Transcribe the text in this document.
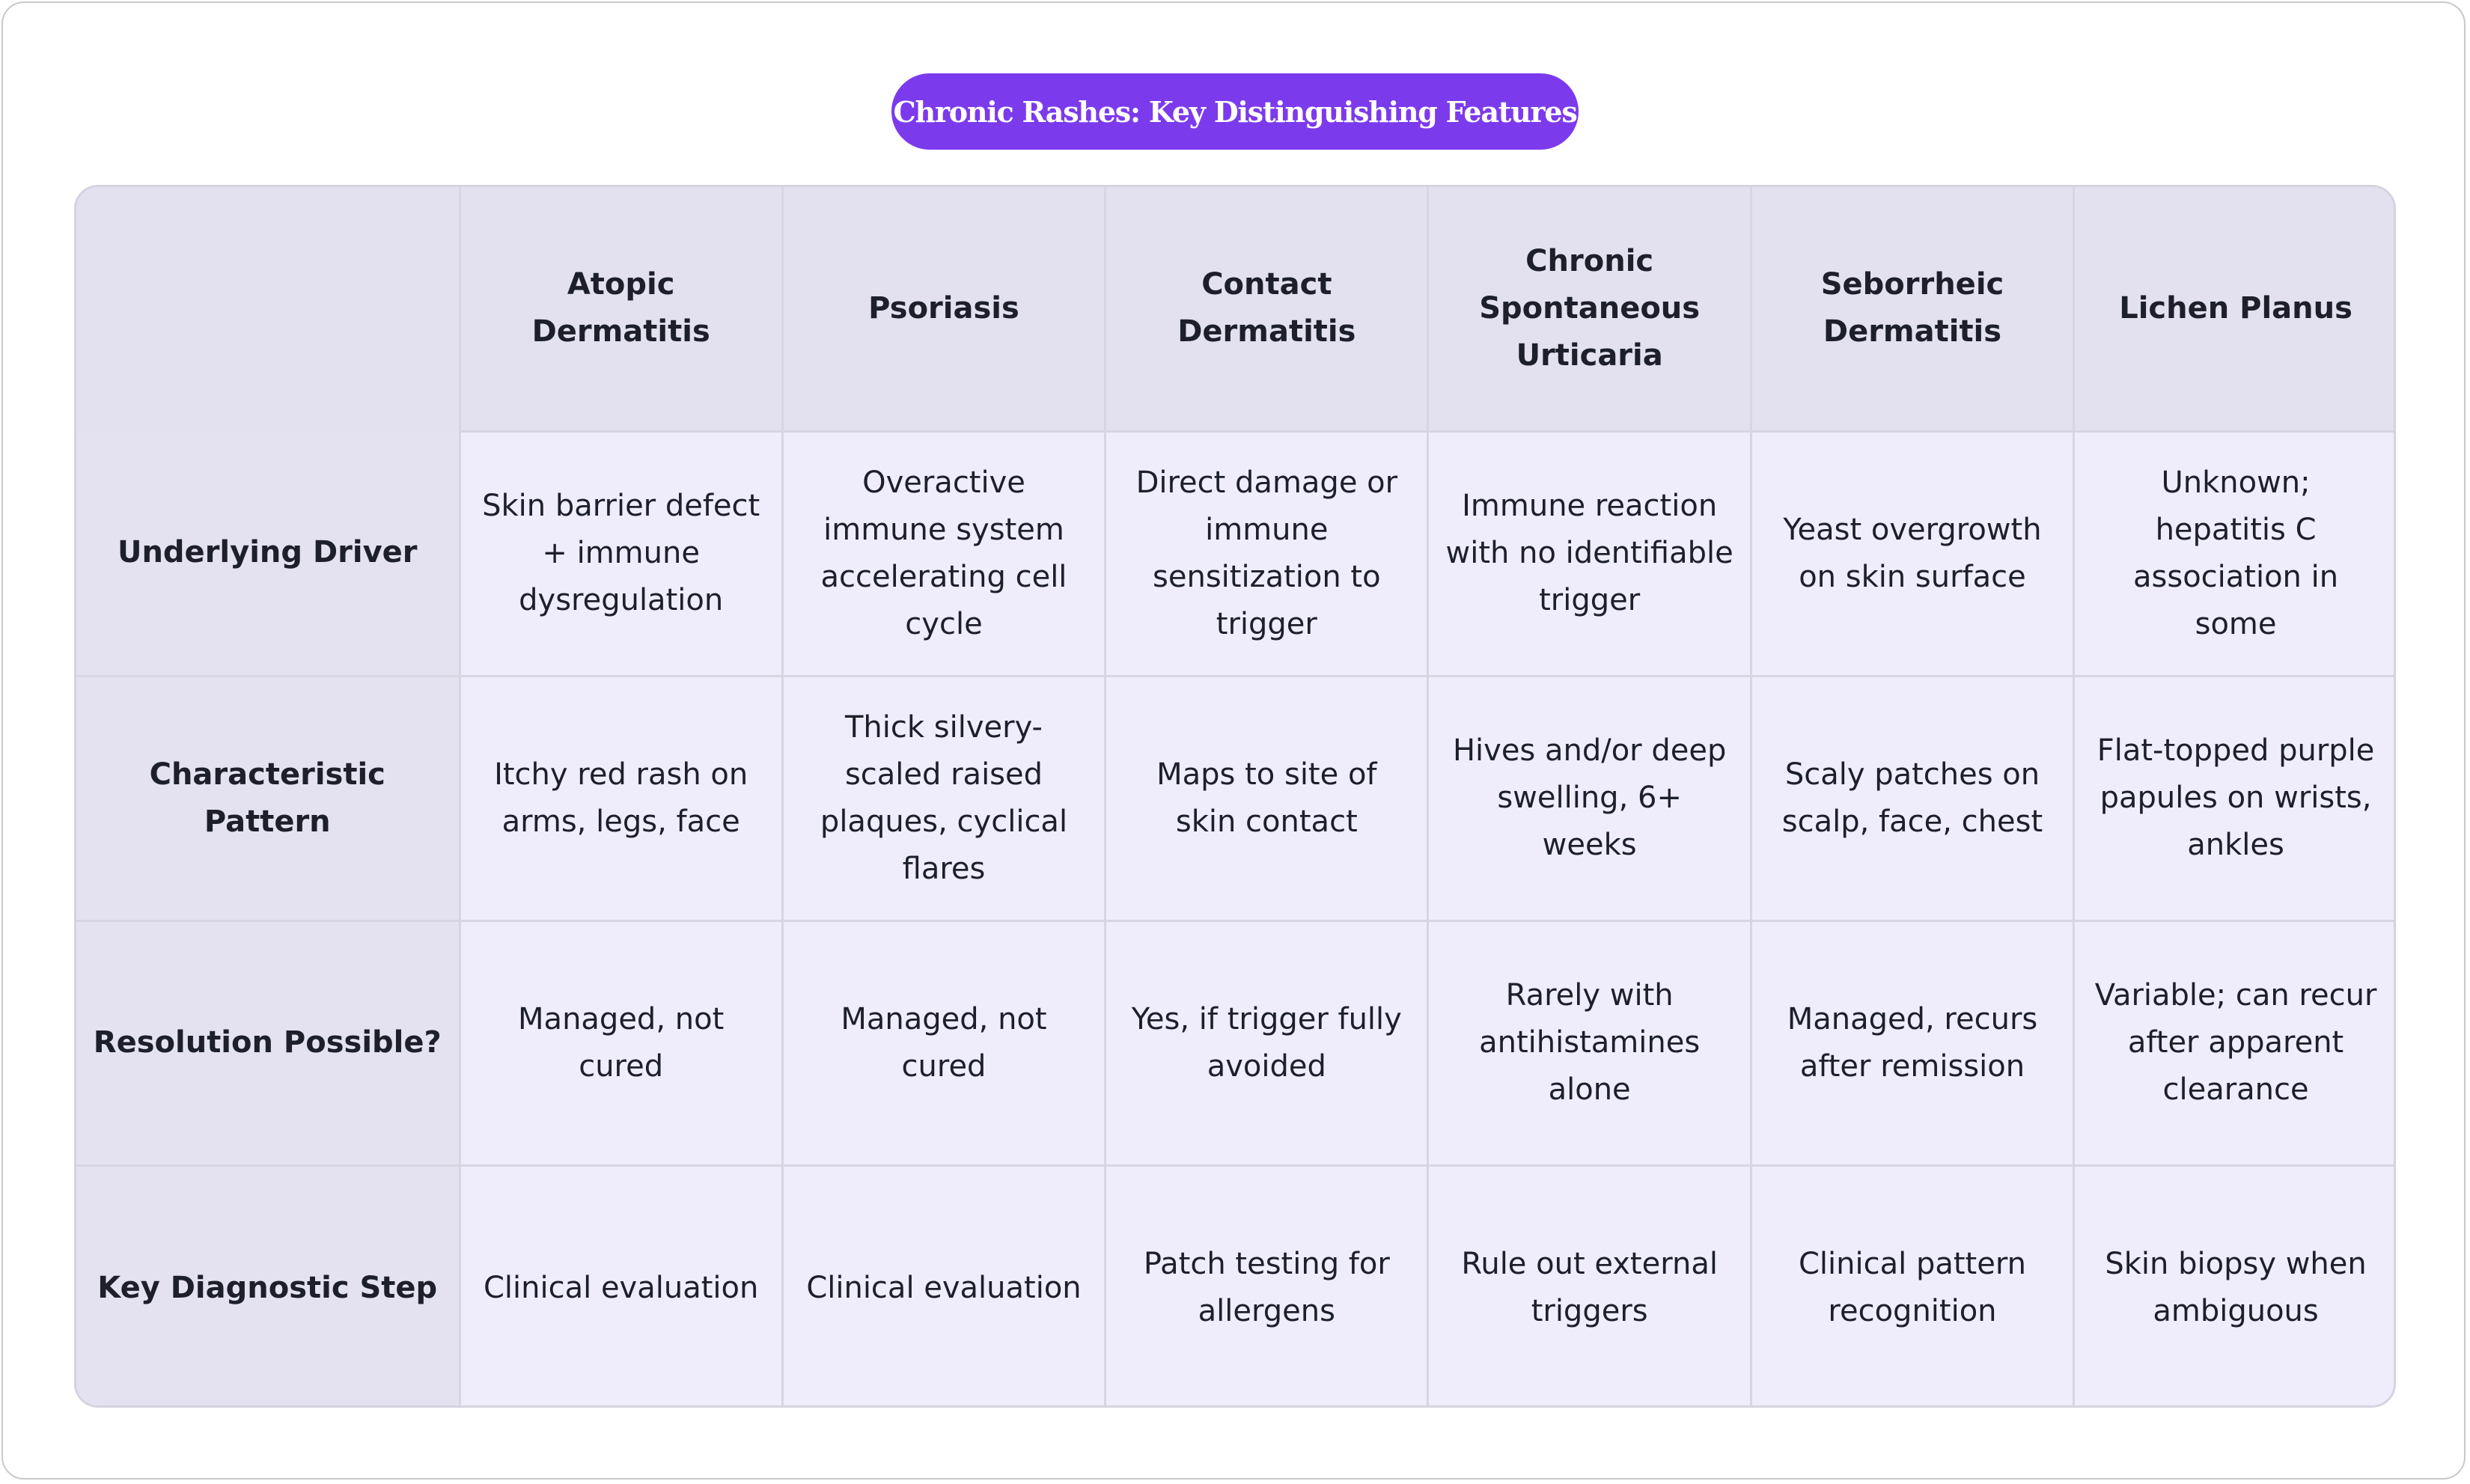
Chronic Rashes: Key Distinguishing Features
	Atopic Dermatitis	Psoriasis	Contact Dermatitis	Chronic Spontaneous Urticaria	Seborrheic Dermatitis	Lichen Planus
Underlying Driver	Skin barrier defect + immune dysregulation	Overactive immune system accelerating cell cycle	Direct damage or immune sensitization to trigger	Immune reaction with no identifiable trigger	Yeast overgrowth on skin surface	Unknown; hepatitis C association in some
Characteristic Pattern	Itchy red rash on arms, legs, face	Thick silvery-scaled raised plaques, cyclical flares	Maps to site of skin contact	Hives and/or deep swelling, 6+ weeks	Scaly patches on scalp, face, chest	Flat-topped purple papules on wrists, ankles
Resolution Possible?	Managed, not cured	Managed, not cured	Yes, if trigger fully avoided	Rarely with antihistamines alone	Managed, recurs after remission	Variable; can recur after apparent clearance
Key Diagnostic Step	Clinical evaluation	Clinical evaluation	Patch testing for allergens	Rule out external triggers	Clinical pattern recognition	Skin biopsy when ambiguous
